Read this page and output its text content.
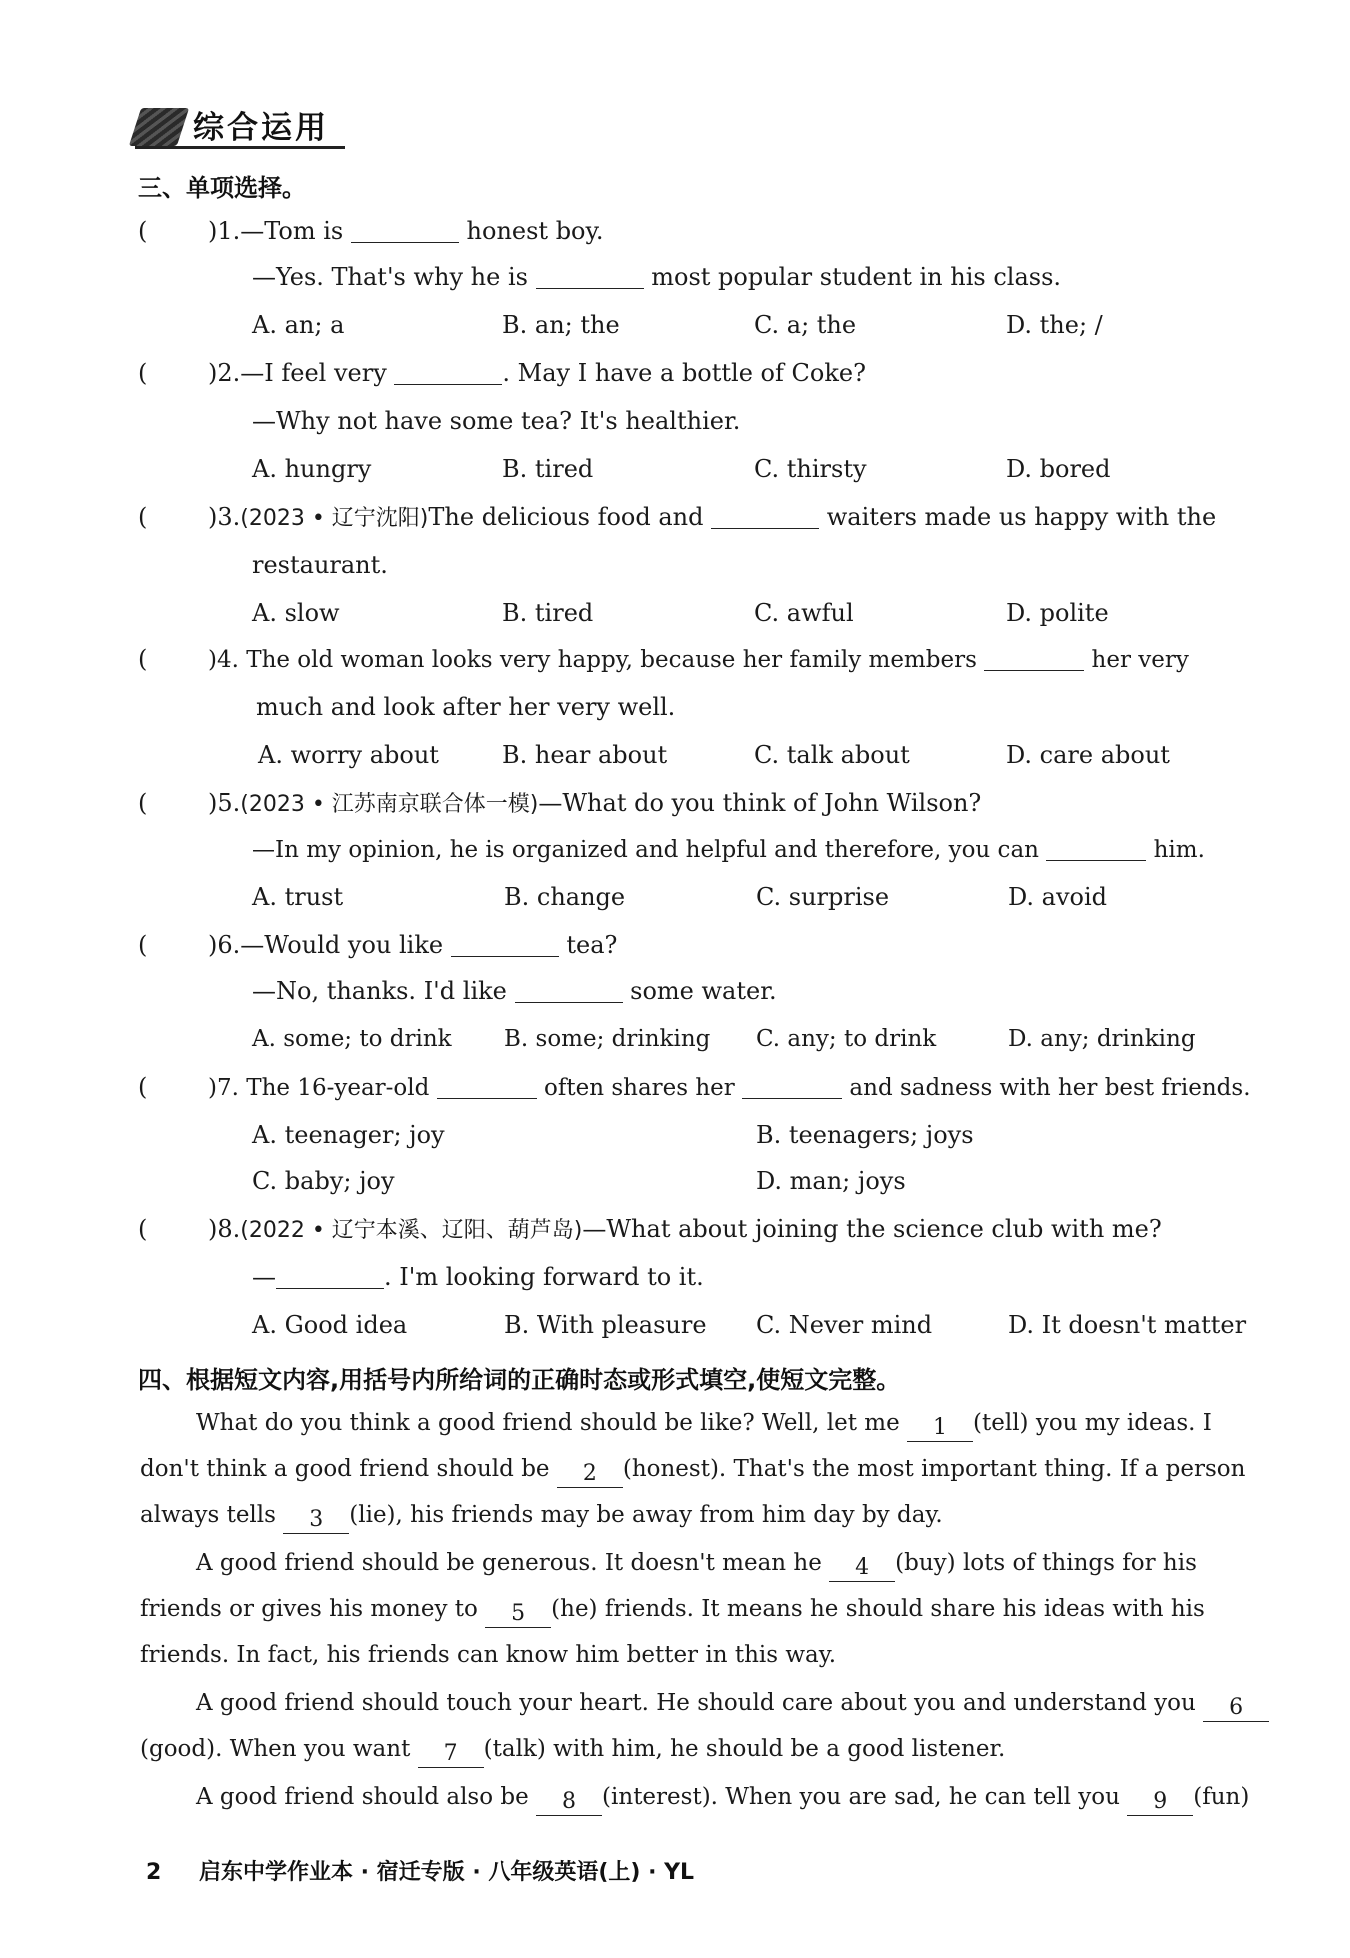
综合运用
三、单项选择。
(	)1.—Tom is	honest boy.
—Yes. That's why he is	most popular student in his class.
A. an; a	B. an; the	C. a; the	D. the; /
(	)2.—I feel very	. May I have a bottle of Coke?
—Why not have some tea? It's healthier.
A. hungry	B. tired	C. thirsty	D. bored
(	)3.(2023 • 辽宁沈阳)The delicious food and	waiters made us happy with the
restaurant.
A. slow	B. tired	C. awful	D. polite
(	)4. The old woman looks very happy, because her family members	her very
much and look after her very well.
A. worry about	B. hear about	C. talk about	D. care about
(	)5.(2023 • 江苏南京联合体一模)—What do you think of John Wilson?
—In my opinion, he is organized and helpful and therefore, you can	him.
A. trust	B. change	C. surprise	D. avoid
(	)6.—Would you like	tea?
—No, thanks. I'd like	some water.
A. some; to drink B. some; drinking C. any; to drink	D. any; drinking
(	)7. The 16-year-old	often shares her	and sadness with her best friends.
A. teenager; joy	B. teenagers; joys
C. baby; joy	D. man; joys
(	)8.(2022 • 辽宁本溪、辽阳、葫芦岛)—What about joining the science club with me?
—	. I'm looking forward to it.
A. Good idea	B. With pleasure C. Never mind	D. It doesn't matter
四、根据短文内容,用括号内所给词的正确时态或形式填空,使短文完整。
What do you think a good friend should be like? Well, let me 1 (tell) you my ideas. I
don't think a good friend should be 2 (honest). That's the most important thing. If a person
always tells 3 (lie), his friends may be away from him day by day.
A good friend should be generous. It doesn't mean he 4 (buy) lots of things for his
friends or gives his money to 5 (he) friends. It means he should share his ideas with his
friends. In fact, his friends can know him better in this way.
A good friend should touch your heart. He should care about you and understand you 6
(good). When you want 7 (talk) with him, he should be a good listener.
A good friend should also be 8 (interest). When you are sad, he can tell you 9 (fun)
2 启东中学作业本 · 宿迁专版 · 八年级英语(上) · YL
